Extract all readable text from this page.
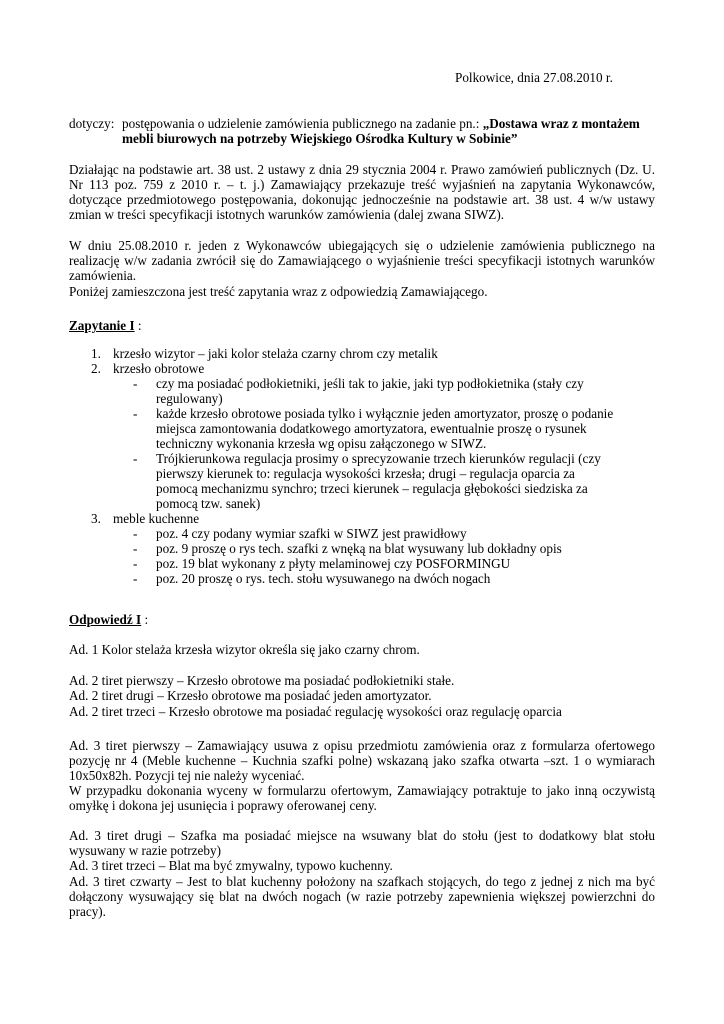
Polkowice, dnia 27.08.2010 r.
dotyczy: postępowania o udzielenie zamówienia publicznego na zadanie pn.: „Dostawa wraz z montażem mebli biurowych na potrzeby Wiejskiego Ośrodka Kultury w Sobinie”

Działając na podstawie art. 38 ust. 2 ustawy z dnia 29 stycznia 2004 r. Prawo zamówień publicznych (Dz. U. Nr 113 poz. 759 z 2010 r. – t. j.) Zamawiający przekazuje treść wyjaśnień na zapytania Wykonawców, dotyczące przedmiotowego postępowania, dokonując jednocześnie na podstawie art. 38 ust. 4 w/w ustawy zmian w treści specyfikacji istotnych warunków zamówienia (dalej zwana SIWZ).

W dniu 25.08.2010 r. jeden z Wykonawców ubiegających się o udzielenie zamówienia publicznego na realizację w/w zadania zwrócił się do Zamawiającego o wyjaśnienie treści specyfikacji istotnych warunków zamówienia.

Poniżej zamieszczona jest treść zapytania wraz z odpowiedzią Zamawiającego.

Zapytanie I :
1. krzesło wizytor – jaki kolor stelaża czarny chrom czy metalik
2. krzesło obrotowe
- czy ma posiadać podłokietniki, jeśli tak to jakie, jaki typ podłokietnika (stały czy regulowany)
- każde krzesło obrotowe posiada tylko i wyłącznie jeden amortyzator, proszę o podanie miejsca zamontowania dodatkowego amortyzatora, ewentualnie proszę o rysunek techniczny wykonania krzesła wg opisu załączonego w SIWZ.
- Trójkierunkowa regulacja prosimy o sprecyzowanie trzech kierunków regulacji (czy pierwszy kierunek to: regulacja wysokości krzesła; drugi – regulacja oparcia za pomocą mechanizmu synchro; trzeci kierunek – regulacja głębokości siedziska za pomocą tzw. sanek)
3. meble kuchenne
- poz. 4 czy podany wymiar szafki w SIWZ jest prawidłowy
- poz. 9 proszę o rys tech. szafki z wnęką na blat wysuwany lub dokładny opis
- poz. 19 blat wykonany z płyty melaminowej czy POSFORMINGU
- poz. 20 proszę o rys. tech. stołu wysuwanego na dwóch nogach
Odpowiedź I :

Ad. 1 Kolor stelaża krzesła wizytor określa się jako czarny chrom.

Ad. 2 tiret pierwszy – Krzesło obrotowe ma posiadać podłokietniki stałe.

Ad. 2 tiret drugi – Krzesło obrotowe ma posiadać jeden amortyzator.

Ad. 2 tiret trzeci – Krzesło obrotowe ma posiadać regulację wysokości oraz regulację oparcia

Ad. 3 tiret pierwszy – Zamawiający usuwa z opisu przedmiotu zamówienia oraz z formularza ofertowego pozycję nr 4 (Meble kuchenne – Kuchnia szafki polne) wskazaną jako szafka otwarta –szt. 1 o wymiarach 10x50x82h. Pozycji tej nie należy wyceniać.

W przypadku dokonania wyceny w formularzu ofertowym, Zamawiający potraktuje to jako inną oczywistą omyłkę i dokona jej usunięcia i poprawy oferowanej ceny.

Ad. 3 tiret drugi – Szafka ma posiadać miejsce na wsuwany blat do stołu (jest to dodatkowy blat stołu wysuwany w razie potrzeby)

Ad. 3 tiret trzeci – Blat ma być zmywalny, typowo kuchenny.

Ad. 3 tiret czwarty – Jest to blat kuchenny położony na szafkach stojących, do tego z jednej z nich ma być dołączony wysuwający się blat na dwóch nogach (w razie potrzeby zapewnienia większej powierzchni do pracy).
